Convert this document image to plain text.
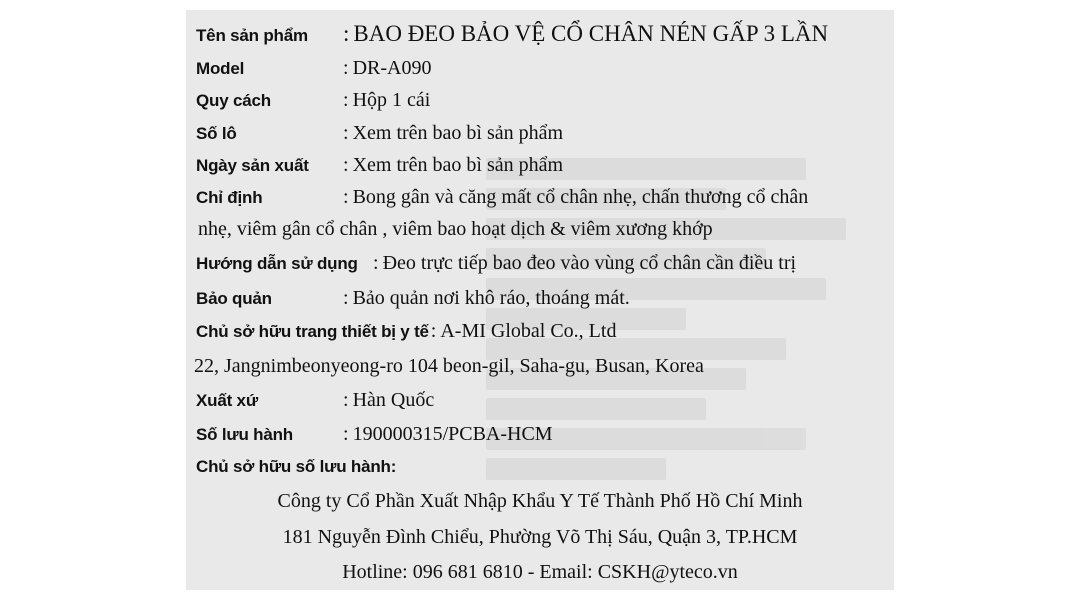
Tên sản phẩm : BAO ĐEO BẢO VỆ CỔ CHÂN NÉN GẤP 3 LẦN
Model	: DR-A090
Quy cách	: Hộp 1 cái
Số lô	: Xem trên bao bì sản phẩm
Ngày sản xuất : Xem trên bao bì sản phẩm
Chỉ định	: Bong gân và căng mất cổ chân nhẹ, chấn thương cổ chân
nhẹ, viêm gân cổ chân , viêm bao hoạt dịch & viêm xương khớp
Hướng dẫn sử dụng : Đeo trực tiếp bao đeo vào vùng cổ chân cần điều trị
Bảo quản	: Bảo quản nơi khô ráo, thoáng mát.
Chủ sở hữu trang thiết bị y tế : A-MI Global Co., Ltd
22, Jangnimbeonyeong-ro 104 beon-gil, Saha-gu, Busan, Korea
Xuất xứ	: Hàn Quốc
Số lưu hành	: 190000315/PCBA-HCM
Chủ sở hữu số lưu hành:
Công ty Cổ Phần Xuất Nhập Khẩu Y Tế Thành Phố Hồ Chí Minh
181 Nguyễn Đình Chiểu, Phường Võ Thị Sáu, Quận 3, TP.HCM
Hotline: 096 681 6810 - Email: CSKH@yteco.vn
